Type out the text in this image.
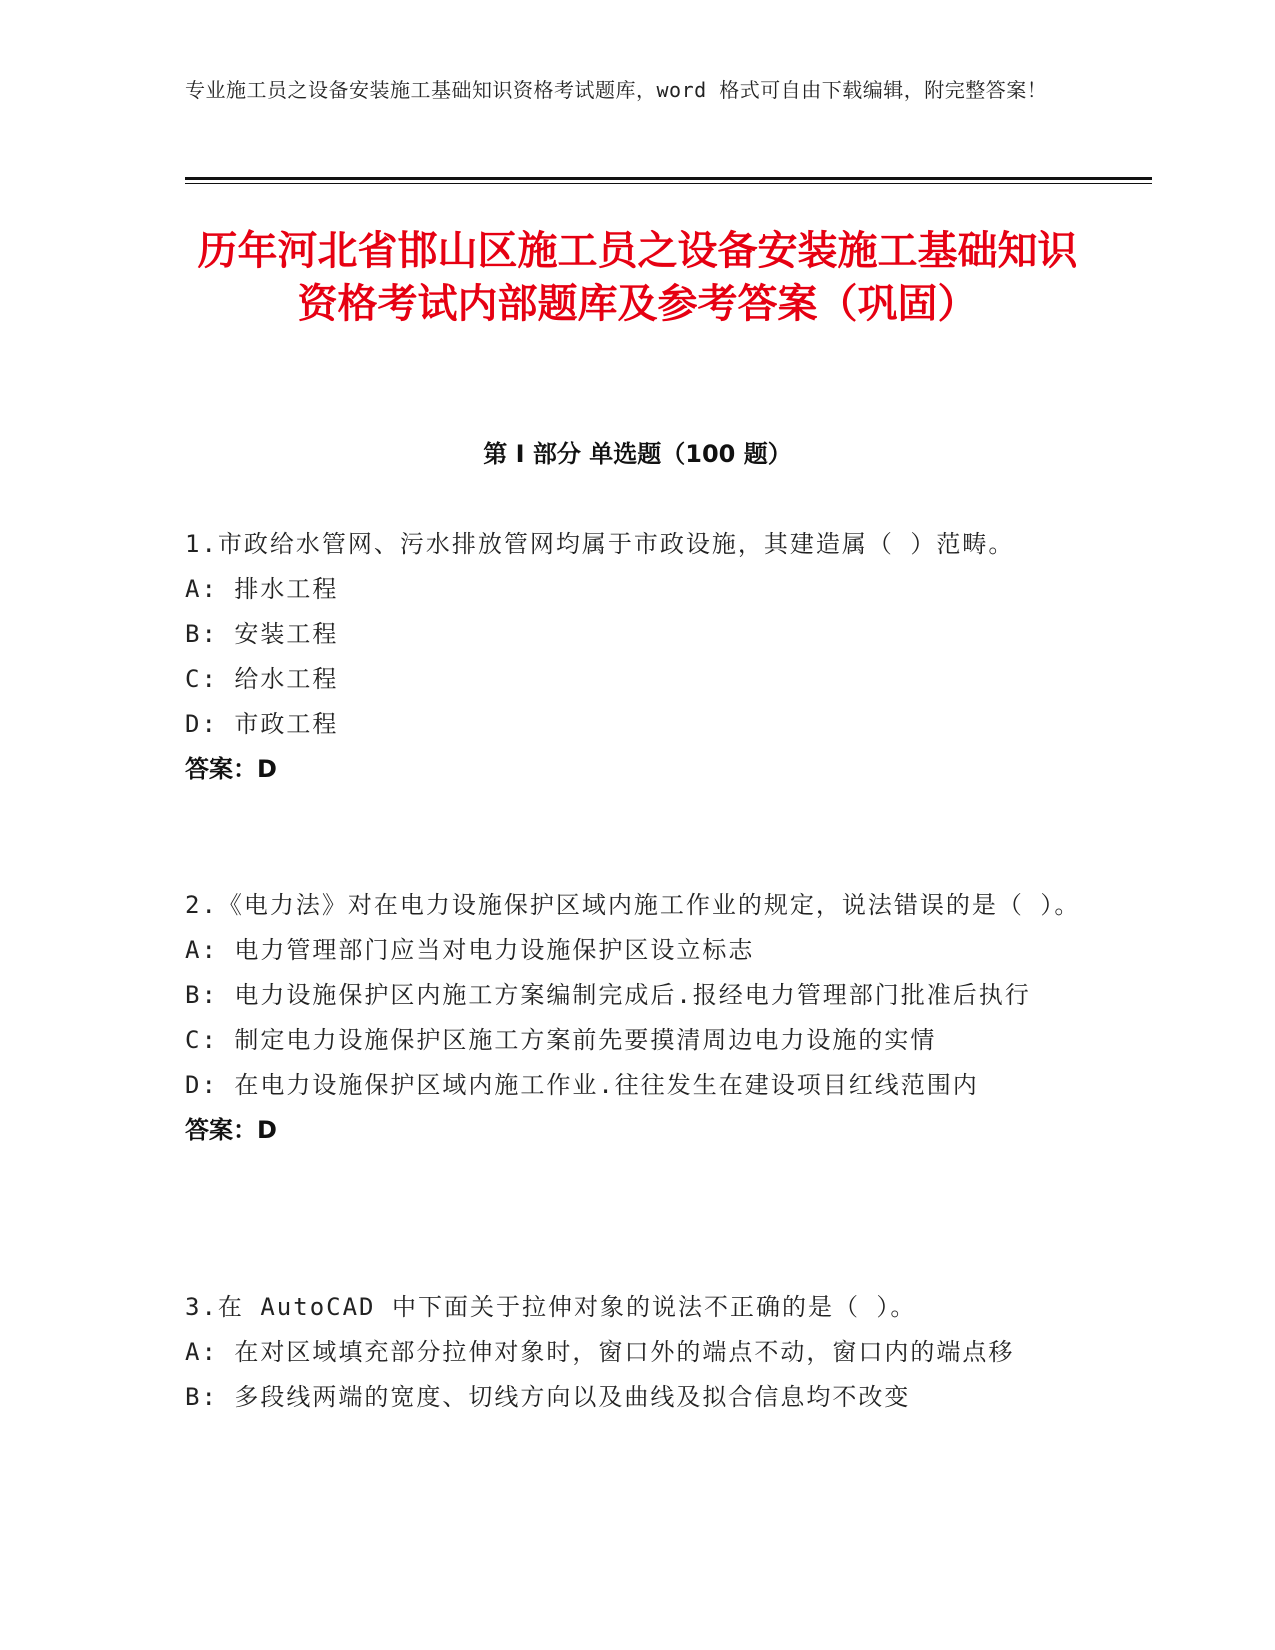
专业施工员之设备安装施工基础知识资格考试题库，word 格式可自由下载编辑，附完整答案！
历年河北省邯山区施工员之设备安装施工基础知识资格考试内部题库及参考答案（巩固）
第 I 部分 单选题（100 题）
1.市政给水管网、污水排放管网均属于市政设施，其建造属（ ）范畴。
A: 排水工程
B: 安装工程
C: 给水工程
D: 市政工程
答案：D
2.《电力法》对在电力设施保护区域内施工作业的规定，说法错误的是（ ）。
A: 电力管理部门应当对电力设施保护区设立标志
B: 电力设施保护区内施工方案编制完成后.报经电力管理部门批准后执行
C: 制定电力设施保护区施工方案前先要摸清周边电力设施的实情
D: 在电力设施保护区域内施工作业.往往发生在建设项目红线范围内
答案：D
3.在 AutoCAD 中下面关于拉伸对象的说法不正确的是（ ）。
A: 在对区域填充部分拉伸对象时，窗口外的端点不动，窗口内的端点移
B: 多段线两端的宽度、切线方向以及曲线及拟合信息均不改变
